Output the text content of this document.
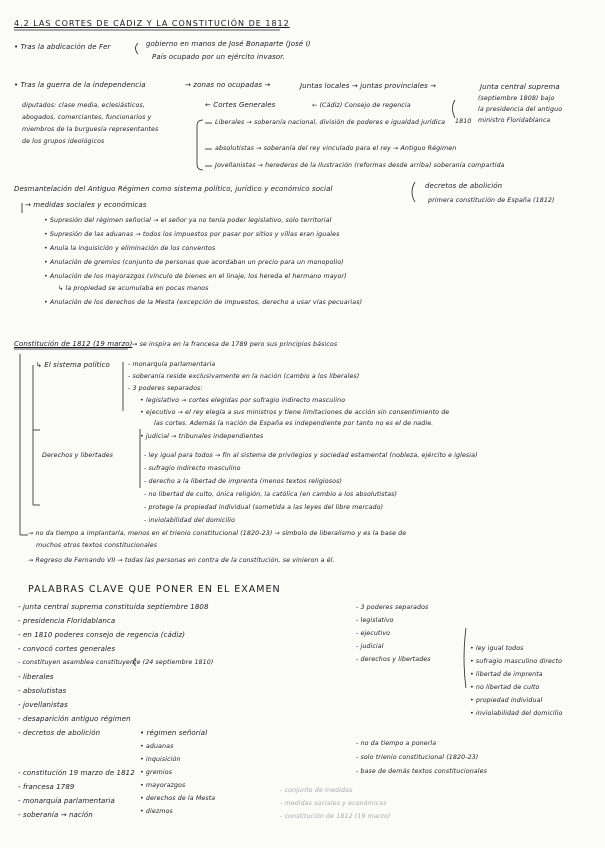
4.2 LAS CORTES DE CÁDIZ Y LA CONSTITUCIÓN DE 1812
• Tras la abdicación de Fer	gobierno en manos de José Bonaparte (José I)
País ocupado por un ejército invasor.
• Tras la guerra de la independencia	→ zonas no ocupadas →	Juntas locales → juntas provinciales →	Junta central suprema
(septiembre 1808) bajo
la presidencia del antiguo
ministro Floridablanca
1810
diputados: clase media, eclesiásticos,
abogados, comerciantes, funcionarios y
miembros de la burguesía representantes
de los grupos ideológicos
← Cortes Generales	← (Cádiz) Consejo de regencia
Liberales → soberanía nacional, división de poderes e igualdad jurídica
absolutistas → soberanía del rey vinculado para el rey → Antiguo Régimen
Jovellanistas → herederos de la Ilustración (reformas desde arriba) soberanía compartida
Desmantelación del Antiguo Régimen como sistema político, jurídico y económico social	decretos de abolición
primera constitución de España (1812)
→ medidas sociales y económicas
• Supresión del régimen señorial → el señor ya no tenía poder legislativo, solo territorial
• Supresión de las aduanas → todos los impuestos por pasar por sitios y villas eran iguales
• Anula la inquisición y eliminación de los conventos
• Anulación de gremios (conjunto de personas que acordaban un precio para un monopolio)
• Anulación de los mayorazgos (vínculo de bienes en el linaje, los hereda el hermano mayor)
↳ la propiedad se acumulaba en pocas manos
• Anulación de los derechos de la Mesta (excepción de impuestos, derecho a usar vías pecuarias)
Constitución de 1812 (19 marzo) → se inspira en la francesa de 1789 pero sus principios básicos
↳ El sistema político	- monarquía parlamentaria
- soberanía reside exclusivamente en la nación (cambio a los liberales)
- 3 poderes separados:
• legislativo → cortes elegidas por sufragio indirecto masculino
• ejecutivo → el rey elegía a sus ministros y tiene limitaciones de acción sin consentimiento de
las cortes. Además la nación de España es independiente por tanto no es el de nadie.
• judicial → tribunales independientes
Derechos y libertades	- ley igual para todos → fin al sistema de privilegios y sociedad estamental (nobleza, ejército e iglesia)
- sufragio indirecto masculino
- derecho a la libertad de imprenta (menos textos religiosos)
- no libertad de culto, única religión, la católica (en cambio a los absolutistas)
- protege la propiedad individual (sometida a las leyes del libre mercado)
- inviolabilidad del domicilio
→ no da tiempo a implantarla, menos en el trienio constitucional (1820-23) → símbolo de liberalismo y es la base de
muchos otros textos constitucionales
→ Regreso de Fernando VII → todas las personas en contra de la constitución, se vinieron a él.
PALABRAS CLAVE QUE PONER EN EL EXAMEN
- junta central suprema constituida septiembre 1808
- presidencia Floridablanca
- en 1810 poderes consejo de regencia (cádiz)
- convocó cortes generales
- constituyen asamblea constituyente (24 septiembre 1810)
- liberales
- absolutistas
- jovellanistas
- desaparición antiguo régimen
- decretos de abolición	• régimen señorial
• aduanas
• inquisición
• gremios
• mayorazgos
• derechos de la Mesta
• diezmos
- 3 poderes separados
- legislativo
- ejecutivo
- judicial
- derechos y libertades
• ley igual todos
• sufragio masculino directo
• libertad de imprenta
• no libertad de culto
• propiedad individual
• inviolabilidad del domicilio
- no da tiempo a ponerla
- solo trienio constitucional (1820-23)
- base de demás textos constitucionales
- conjunto de medidas
- medidas sociales y económicas
- constitución de 1812 (19 marzo)
- constitución 19 marzo de 1812
- francesa 1789
- monarquía parlamentaria
- soberanía → nación
